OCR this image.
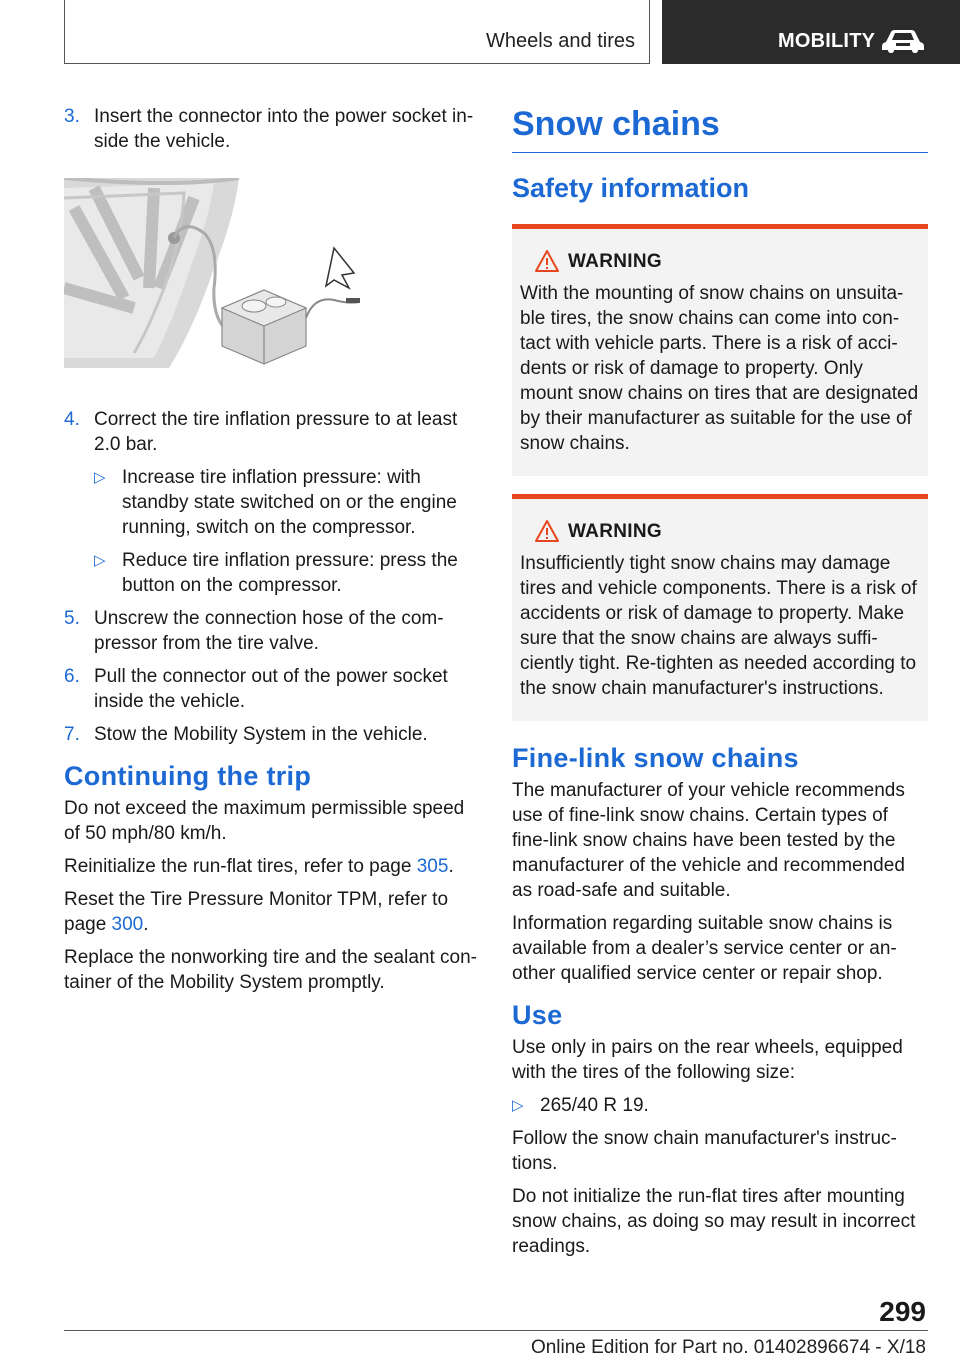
Wheels and tires	MOBILITY
3. Insert the connector into the power socket in‐side the vehicle.
4. Correct the tire inflation pressure to at least 2.0 bar.
▷ Increase tire inflation pressure: with standby state switched on or the engine running, switch on the compressor.
▷ Reduce tire inflation pressure: press the button on the compressor.
5. Unscrew the connection hose of the com‐pressor from the tire valve.
6. Pull the connector out of the power socket inside the vehicle.
7. Stow the Mobility System in the vehicle.
Continuing the trip

Do not exceed the maximum permissible speed of 50 mph/80 km/h.

Reinitialize the run-flat tires, refer to page 305.

Reset the Tire Pressure Monitor TPM, refer to page 300.

Replace the nonworking tire and the sealant con‐tainer of the Mobility System promptly.

Snow chains
Safety information
WARNING

With the mounting of snow chains on unsuita‐ble tires, the snow chains can come into con‐tact with vehicle parts. There is a risk of acci‐dents or risk of damage to property. Only mount snow chains on tires that are designated by their manufacturer as suitable for the use of snow chains.

WARNING

Insufficiently tight snow chains may damage tires and vehicle components. There is a risk of accidents or risk of damage to property. Make sure that the snow chains are always suffi‐ciently tight. Re-tighten as needed according to the snow chain manufacturer's instructions.

Fine-link snow chains

The manufacturer of your vehicle recommends use of fine-link snow chains. Certain types of fine-link snow chains have been tested by the manufacturer of the vehicle and recommended as road-safe and suitable.

Information regarding suitable snow chains is available from a dealer’s service center or an‐other qualified service center or repair shop.

Use

Use only in pairs on the rear wheels, equipped with the tires of the following size:

▷ 265/40 R 19.

Follow the snow chain manufacturer's instruc‐tions.

Do not initialize the run-flat tires after mounting snow chains, as doing so may result in incorrect readings.

299
Online Edition for Part no. 01402896674 - X/18
